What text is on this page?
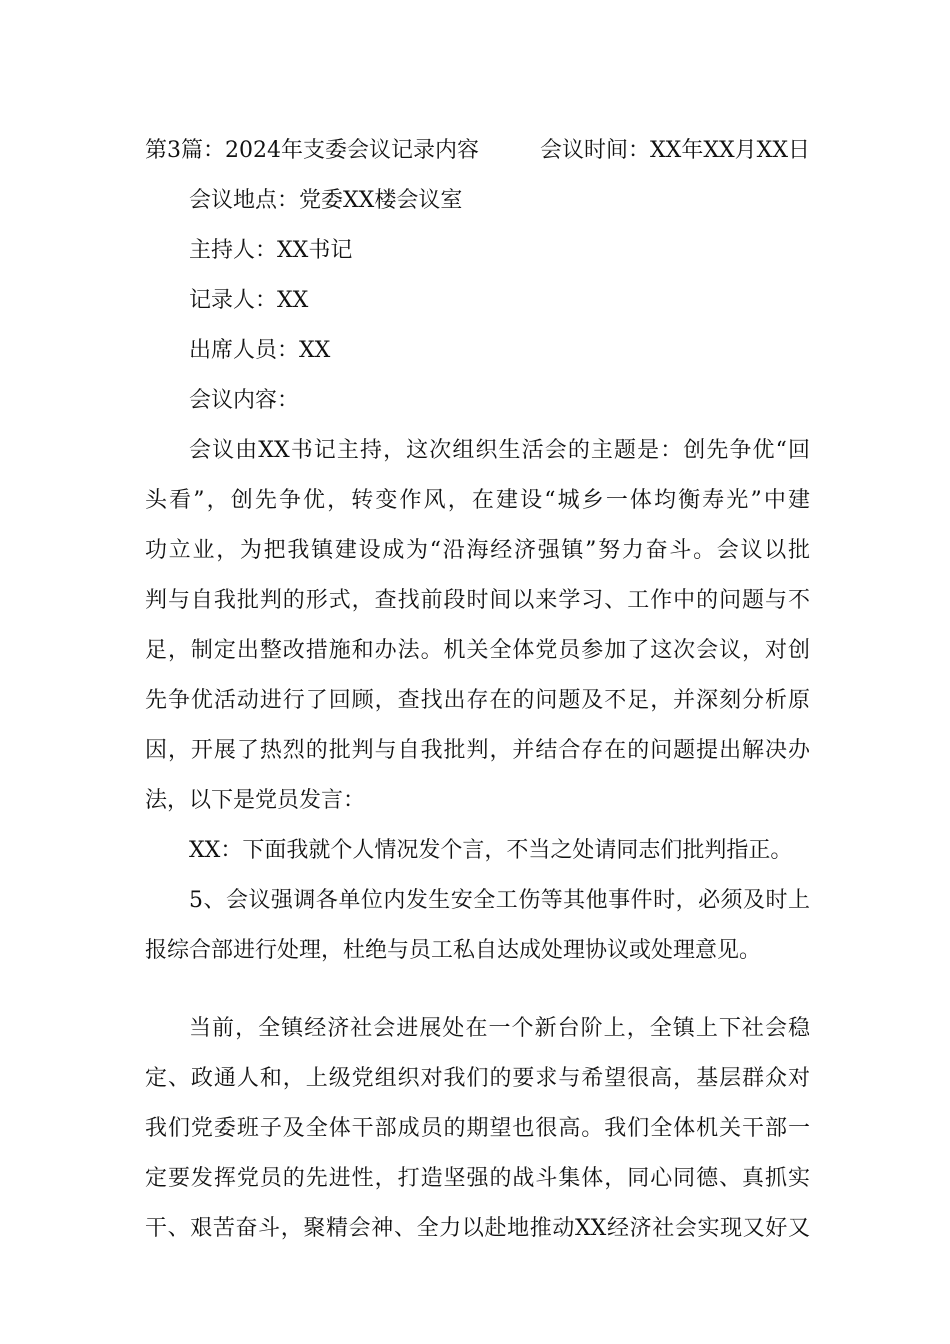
第3篇：2024年支委会议记录内容	会议时间：XX年XX月XX日
会议地点：党委XX楼会议室
主持人：XX书记
记录人：XX
出席人员：XX
会议内容：
会议由XX书记主持，这次组织生活会的主题是：创先争优“回
头看”，创先争优，转变作风，在建设“城乡一体均衡寿光”中建
功立业，为把我镇建设成为“沿海经济强镇”努力奋斗。会议以批
判与自我批判的形式，查找前段时间以来学习、工作中的问题与不
足，制定出整改措施和办法。机关全体党员参加了这次会议，对创
先争优活动进行了回顾，查找出存在的问题及不足，并深刻分析原
因，开展了热烈的批判与自我批判，并结合存在的问题提出解决办
法，以下是党员发言：
XX：下面我就个人情况发个言，不当之处请同志们批判指正。
5、会议强调各单位内发生安全工伤等其他事件时，必须及时上
报综合部进行处理，杜绝与员工私自达成处理协议或处理意见。
当前，全镇经济社会进展处在一个新台阶上，全镇上下社会稳
定、政通人和，上级党组织对我们的要求与希望很高，基层群众对
我们党委班子及全体干部成员的期望也很高。我们全体机关干部一
定要发挥党员的先进性，打造坚强的战斗集体，同心同德、真抓实
干、艰苦奋斗，聚精会神、全力以赴地推动XX经济社会实现又好又
